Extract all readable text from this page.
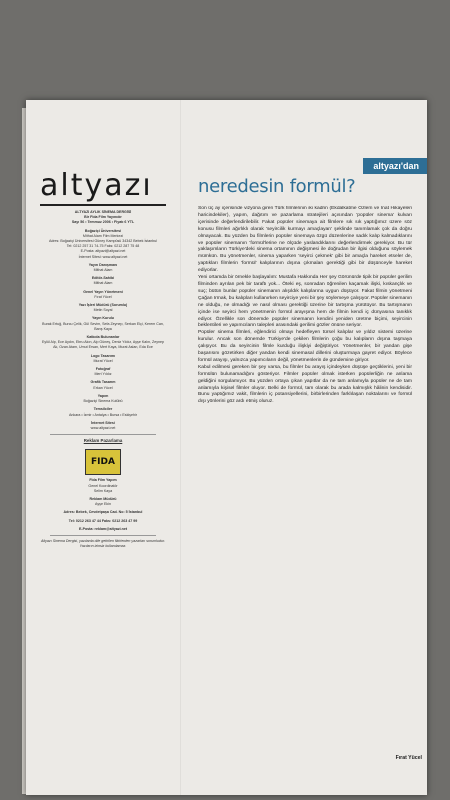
altyazı
ALTYAZI AYLIK SİNEMA DERGİSİ
Bir Fida Film Yayınıdır
Sayı 56 • Temmuz 2006 • Fiyatı 6 YTL
Boğaziçi Üniversitesi
Mithat Alam Film Merkezi
Adres: Boğaziçi Üniversitesi Güney Kampüsü 34342 Bebek İstanbul
Tel: 0212 257 31 74-75 Faks: 0212 287 75 48
E-Posta: altyazi@altyazi.net
İnternet Sitesi: www.altyazi.net
Yayın Danışmanı
Mithat Alam
Editör-Sahibi
Mithat Alam
Genel Yayın Yönetmeni
Fırat Yücel
Yazı İşleri Müdürü (Sorumlu)
Metin Soyal
Yayın Kurulu
Burak Ertuğ, Burcu Çelik, Gül Sevim, Sefa Zeynep, Serkan Elçi, Kerem Can, Barış Kaya
Katkıda Bulunanlar
Eylül Alp, Ece Aydın, Ebru Akın, Alp Güneş, Deniz Yıldız, Ayşe Kalın, Zeynep Ak, Ozan Atam, Umut Ersan, Mert Kaya, Murat Aslan, Eda Ece
Logo Tasarımı
Murat Yücel
Fotoğraf
Mert Yıldız
Grafik Tasarım
Erkan Yücel
Yapım
Boğaziçi Sinema Kulübü
Temsilciler
Ankara • İzmir • Antalya • Bursa • Eskişehir
İnternet Sitesi
www.altyazi.net
Reklam Pazarlama
FIDA
Fida Film Yapım
Genel Koordinatör
Selim Kaya
Reklam Müdürü
Ayşe Ekin
Adres: Bebek, Cevdetpaşa Cad. No: 5 İstanbul
Tel: 0212 263 47 44 Faks: 0212 263 47 99
E-Posta: reklam@altyazi.net
Altyazı Sinema Dergisi, yazılarda dile getirilen fikirlerden yazarları sorumludur. Yazıların izinsiz kullanılamaz.
altyazı'dan
neredesin formül?

Son üç ay içerisinde vizyona giren Türk filmlerinin iki kadrin (Ekdalkatme Özlem ve İnat Hikayeleri haricindekiler), yapım, dağıtım ve pazarlama stratejileri açısından 'popüler sinema' kulvarı içerisinde değerlendirilebilir. Fakat popüler sinemaya ait filmlere sık sık yaptığımız üzere söz konusu filmleri ağırlıklı olarak 'seyircilik kurmayı amaçlayan' şeklinde tanımlamak çok da doğru olmayacak. Bu yüzden bu filmlerin popüler sinemaya özgü düzenlerine sadık kalıp kalmadıklarını ve popüler sinemanın 'formül'lerine ne ölçüde yaslandıklarını değerlendirmek gerekiyor. Bu tür yaklaşımların Türkiye'deki sinema ortamının değişmesi ile doğrudan bir ilgisi olduğunu söylemek mümkün. Bu yönetmenler, sinema yaparken 'seyirci çekmek' gibi bir amaçla hareket etseler de, yaptıkları filmlerin 'formül' kalıplarının dışına çıkmaları gerektiği gibi bir düşünceyle hareket ediyorlar.

Yeni ortamda bir örnekle başlayalım: Mustafa Hakkında Her şey Görünürde tipik bir popüler gerilim filminden ayrılan pek bir taraftı yok... Öteki eş, sonradan öğrenilen kaçamak ilişki, kıskançlık ve suç; bütün bunlar popüler sinemanın alışıldık kalıplarına uygun düşüyor. Fakat filmin yönetmeni Çağan Irmak, bu kalıpları kullanırken seyirciye yeni bir şey söylemeye çalışıyor. Popüler sinemanın ne olduğu, ne olmadığı ve nasıl olması gerektiği üzerine bir tartışma yürütüyor. Bu tartışmanın içinde ise seyirci hem yönetmenin formül arayışına hem de filmin kendi iç dünyasına tanıklık ediyor. Özellikle son dönemde popüler sinemanın kendini yeniden üretme biçimi, seyircinin beklentileri ve yapımcıların talepleri arasındaki gerilimi gözler önüne seriyor.

Popüler sinema filmleri, eğlendirici olmayı hedefleyen türsel kalıplar ve yıldız sistemi üzerine kurulur. Ancak son dönemde Türkiye'de çekilen filmlerin çoğu bu kalıpların dışına taşmaya çalışıyor. Bu da seyircinin filmle kurduğu ilişkiyi değiştiriyor. Yönetmenler, bir yandan gişe başarısını gözetirken diğer yandan kendi sinemasal dillerini oluşturmaya gayret ediyor. Böylece formül arayışı, yalnızca yapımcıların değil, yönetmenlerin de gündemine giriyor.

Kabul edilmesi gereken bir şey varsa, bu filmler bu arayış içindeyken düşüşe geçtiklerini, yeni bir formülün bulunamadığını gösteriyor. Filmler popüler olmak isterken popülerliğin ne anlama geldiğini sorgulamıyor. Bu yüzden ortaya çıkan yapıtlar da ne tam anlamıyla popüler ne de tam anlamıyla kişisel filmler oluyor. Belki de formül, tam olarak bu arada kalmışlık hâlinin kendisidir. Bunu yaptığımız vakit, filmlerin iç potansiyellerini, birbirlerinden farklılaşan noktalarını ve formül dışı yönlerini göz ardı etmiş oluruz.

Fırat Yücel
